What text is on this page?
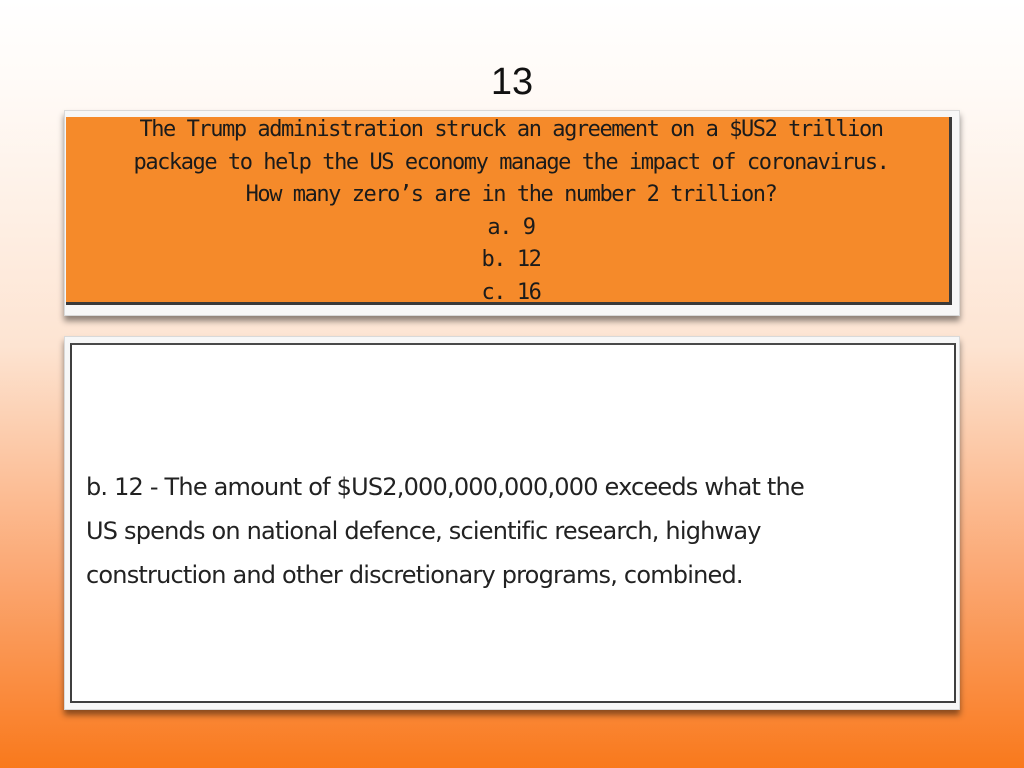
13
The Trump administration struck an agreement on a $US2 trillion
package to help the US economy manage the impact of coronavirus.
How many zero’s are in the number 2 trillion?
a. 9
b. 12
c. 16
b. 12 - The amount of $US2,000,000,000,000 exceeds what the
US spends on national defence, scientific research, highway
construction and other discretionary programs, combined.
